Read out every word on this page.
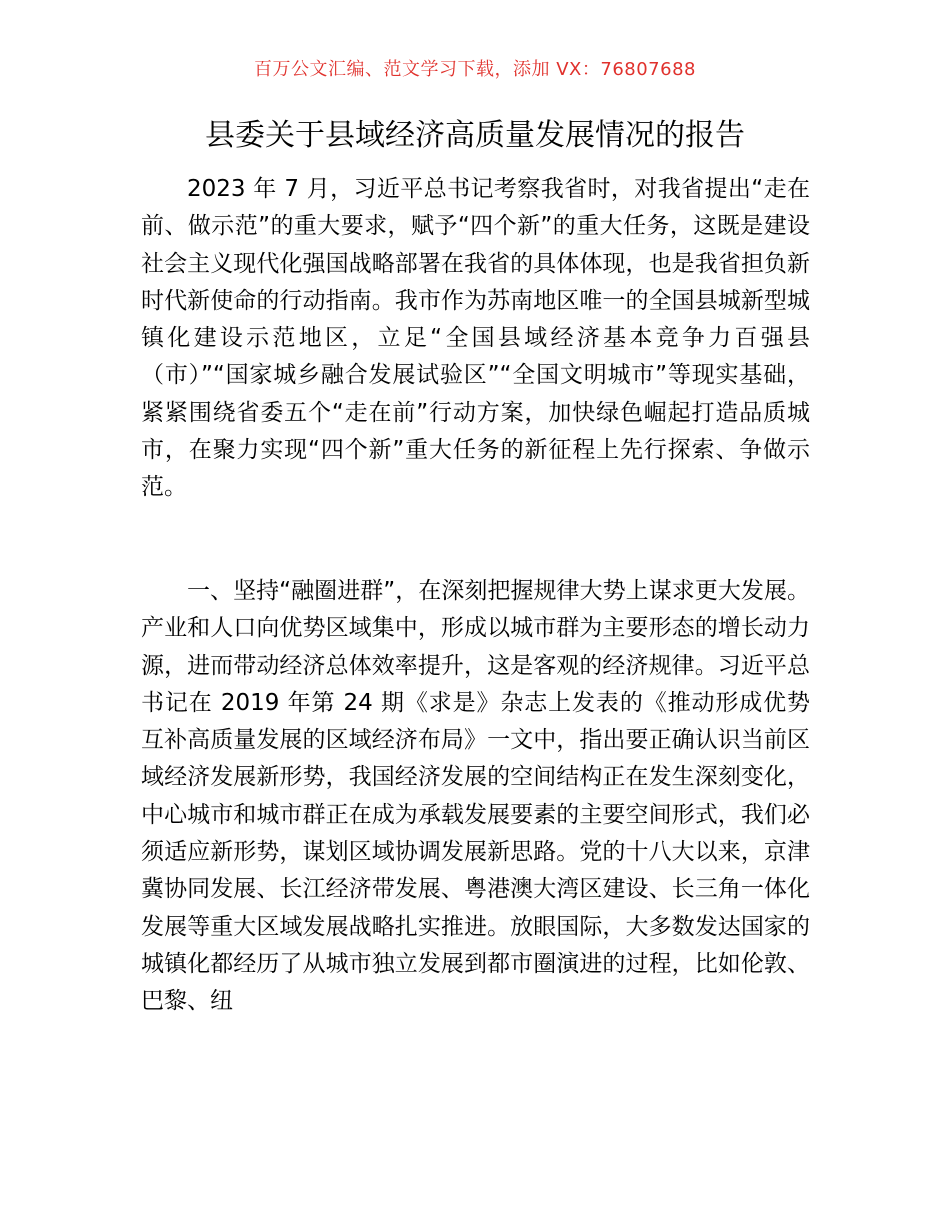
百万公文汇编、范文学习下载，添加 VX：76807688
县委关于县域经济高质量发展情况的报告

2023 年 7 月，习近平总书记考察我省时，对我省提出“走在前、做示范”的重大要求，赋予“四个新”的重大任务，这既是建设社会主义现代化强国战略部署在我省的具体体现，也是我省担负新时代新使命的行动指南。我市作为苏南地区唯一的全国县城新型城镇化建设示范地区，立足“全国县域经济基本竞争力百强县（市）”“国家城乡融合发展试验区”“全国文明城市”等现实基础，紧紧围绕省委五个“走在前”行动方案，加快绿色崛起打造品质城市，在聚力实现“四个新”重大任务的新征程上先行探索、争做示范。

一、坚持“融圈进群”，在深刻把握规律大势上谋求更大发展。产业和人口向优势区域集中，形成以城市群为主要形态的增长动力源，进而带动经济总体效率提升，这是客观的经济规律。习近平总书记在 2019 年第 24 期《求是》杂志上发表的《推动形成优势互补高质量发展的区域经济布局》一文中，指出要正确认识当前区域经济发展新形势，我国经济发展的空间结构正在发生深刻变化，中心城市和城市群正在成为承载发展要素的主要空间形式，我们必须适应新形势，谋划区域协调发展新思路。党的十八大以来，京津冀协同发展、长江经济带发展、粤港澳大湾区建设、长三角一体化发展等重大区域发展战略扎实推进。放眼国际，大多数发达国家的城镇化都经历了从城市独立发展到都市圈演进的过程，比如伦敦、巴黎、纽
